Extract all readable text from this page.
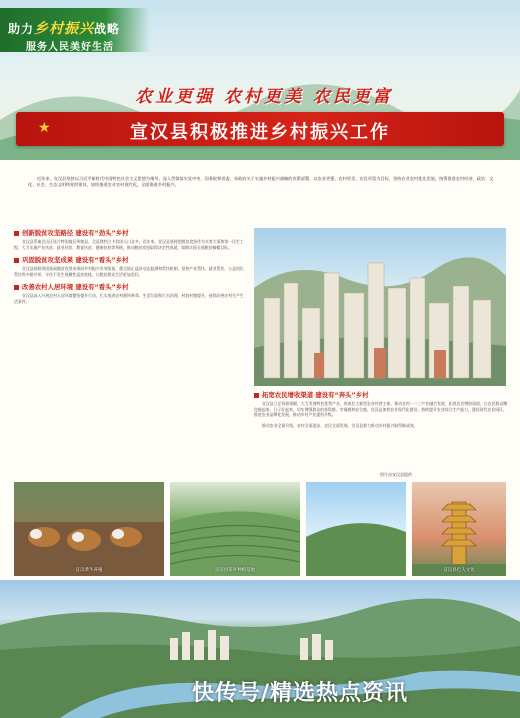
助力乡村振兴战略
服务人民美好生活
农业更强 农村更美 农民更富
★	宣汉县积极推进乡村振兴工作
近年来，宣汉县坚持以习近平新时代中国特色社会主义思想为指导，深入贯彻落实党中央、国务院和省委、省政府关于实施乡村振兴战略的决策部署，以农业更强、农村更美、农民更富为目标，坚持农业农村优先发展，统筹推进农村经济、政治、文化、社会、生态文明和党的建设，加快推进农业农村现代化，全面推进乡村振兴。
创新脱贫攻坚路径 建设有“劲头”乡村
宣汉县系秦巴山区连片特困地区所辖县，全县建档立卡贫困人口众多。近年来，宣汉县坚持把脱贫攻坚作为头等大事和第一民生工程，大力实施产业扶贫、就业扶贫、教育扶贫、健康扶贫等举措，推动脱贫攻坚取得决定性成就，如期实现全面脱贫摘帽目标。
巩固脱贫攻坚成果 建设有“看头”乡村
宣汉县持续巩固拓展脱贫攻坚成果同乡村振兴有效衔接，健全防止返贫动态监测和帮扶机制，坚持产业帮扶、就业帮扶、公益岗位帮扶等多措并举，守住不发生规模性返贫底线，让脱贫群众生活更加美好。
改善农村人居环境 建设有“看头”乡村
宣汉县深入开展农村人居环境整治提升行动，扎实推进农村厕所革命、生活垃圾和污水治理、村容村貌提升，持续改善农村生产生活条件。
拓宽农民增收渠道 建设有“奔头”乡村
宣汉县立足资源禀赋，大力发展特色优势产业，培育壮大新型农业经营主体，推动农村一二三产业融合发展，拓宽农民增收渠道，让农民群众腰包鼓起来、日子好起来，切实增强群众的获得感、幸福感和安全感。宣汉县加快农业现代化建设，持续提升农业综合生产能力，建设现代农业园区，推进农业品牌化发展，推动乡村产业提档升级。
推动农业全面升级、农村全面进步、农民全面发展，宣汉县着力推动乡村振兴取得新成效。
图片由宣汉县提供
宣汉黄牛养殖	宣汉县茶叶种植基地	宣汉县巴人文化
快传号/精选热点资讯
